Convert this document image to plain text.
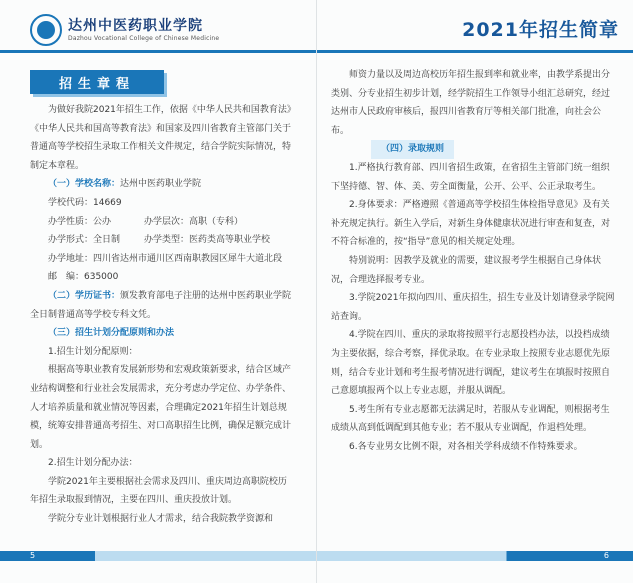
达州中医药职业学院
Dazhou Vocational College of Chinese Medicine
招生章程

为做好我院2021年招生工作，依据《中华人民共和国教育法》《中华人民共和国高等教育法》和国家及四川省教育主管部门关于普通高等学校招生录取工作相关文件规定，结合学院实际情况，特制定本章程。

（一）学校名称：达州中医药职业学院

学校代码：14669

办学性质：公办	办学层次：高职（专科）

办学形式：全日制	办学类型：医药类高等职业学校

办学地址：四川省达州市通川区西南职教园区犀牛大道北段

邮　编：635000

（二）学历证书：颁发教育部电子注册的达州中医药职业学院全日制普通高等学校专科文凭。

（三）招生计划分配原则和办法

1.招生计划分配原则：

根据高等职业教育发展新形势和宏观政策新要求，结合区域产业结构调整和行业社会发展需求，充分考虑办学定位、办学条件、人才培养质量和就业情况等因素，合理确定2021年招生计划总规模，统筹安排普通高考招生、对口高职招生比例，确保足额完成计划。

2.招生计划分配办法：

学院2021年主要根据社会需求及四川、重庆周边高职院校历年招生录取报到情况，主要在四川、重庆投放计划。

学院分专业计划根据行业人才需求，结合我院教学资源和

5
2021年招生简章

师资力量以及周边高校历年招生报到率和就业率，由教学系提出分类别、分专业招生初步计划，经学院招生工作领导小组汇总研究，经过达州市人民政府审核后，报四川省教育厅等相关部门批准，向社会公布。

（四）录取规则

1.严格执行教育部、四川省招生政策，在省招生主管部门统一组织下坚持德、智、体、美、劳全面衡量，公开、公平、公正录取考生。

2.身体要求：严格遵照《普通高等学校招生体检指导意见》及有关补充规定执行。新生入学后，对新生身体健康状况进行审查和复查，对不符合标准的，按“指导”意见的相关规定处理。

特别说明：因教学及就业的需要，建议报考学生根据自己身体状况，合理选择报考专业。

3.学院2021年拟向四川、重庆招生，招生专业及计划请登录学院网站查询。

4.学院在四川、重庆的录取将按照平行志愿投档办法，以投档成绩为主要依据，综合考察，择优录取。在专业录取上按照专业志愿优先原则，结合专业计划和考生报考情况进行调配，建议考生在填报时按照自己意愿填报两个以上专业志愿，并服从调配。

5.考生所有专业志愿都无法满足时，若服从专业调配，则根据考生成绩从高到低调配到其他专业；若不服从专业调配，作退档处理。

6.各专业男女比例不限，对各相关学科成绩不作特殊要求。

6
